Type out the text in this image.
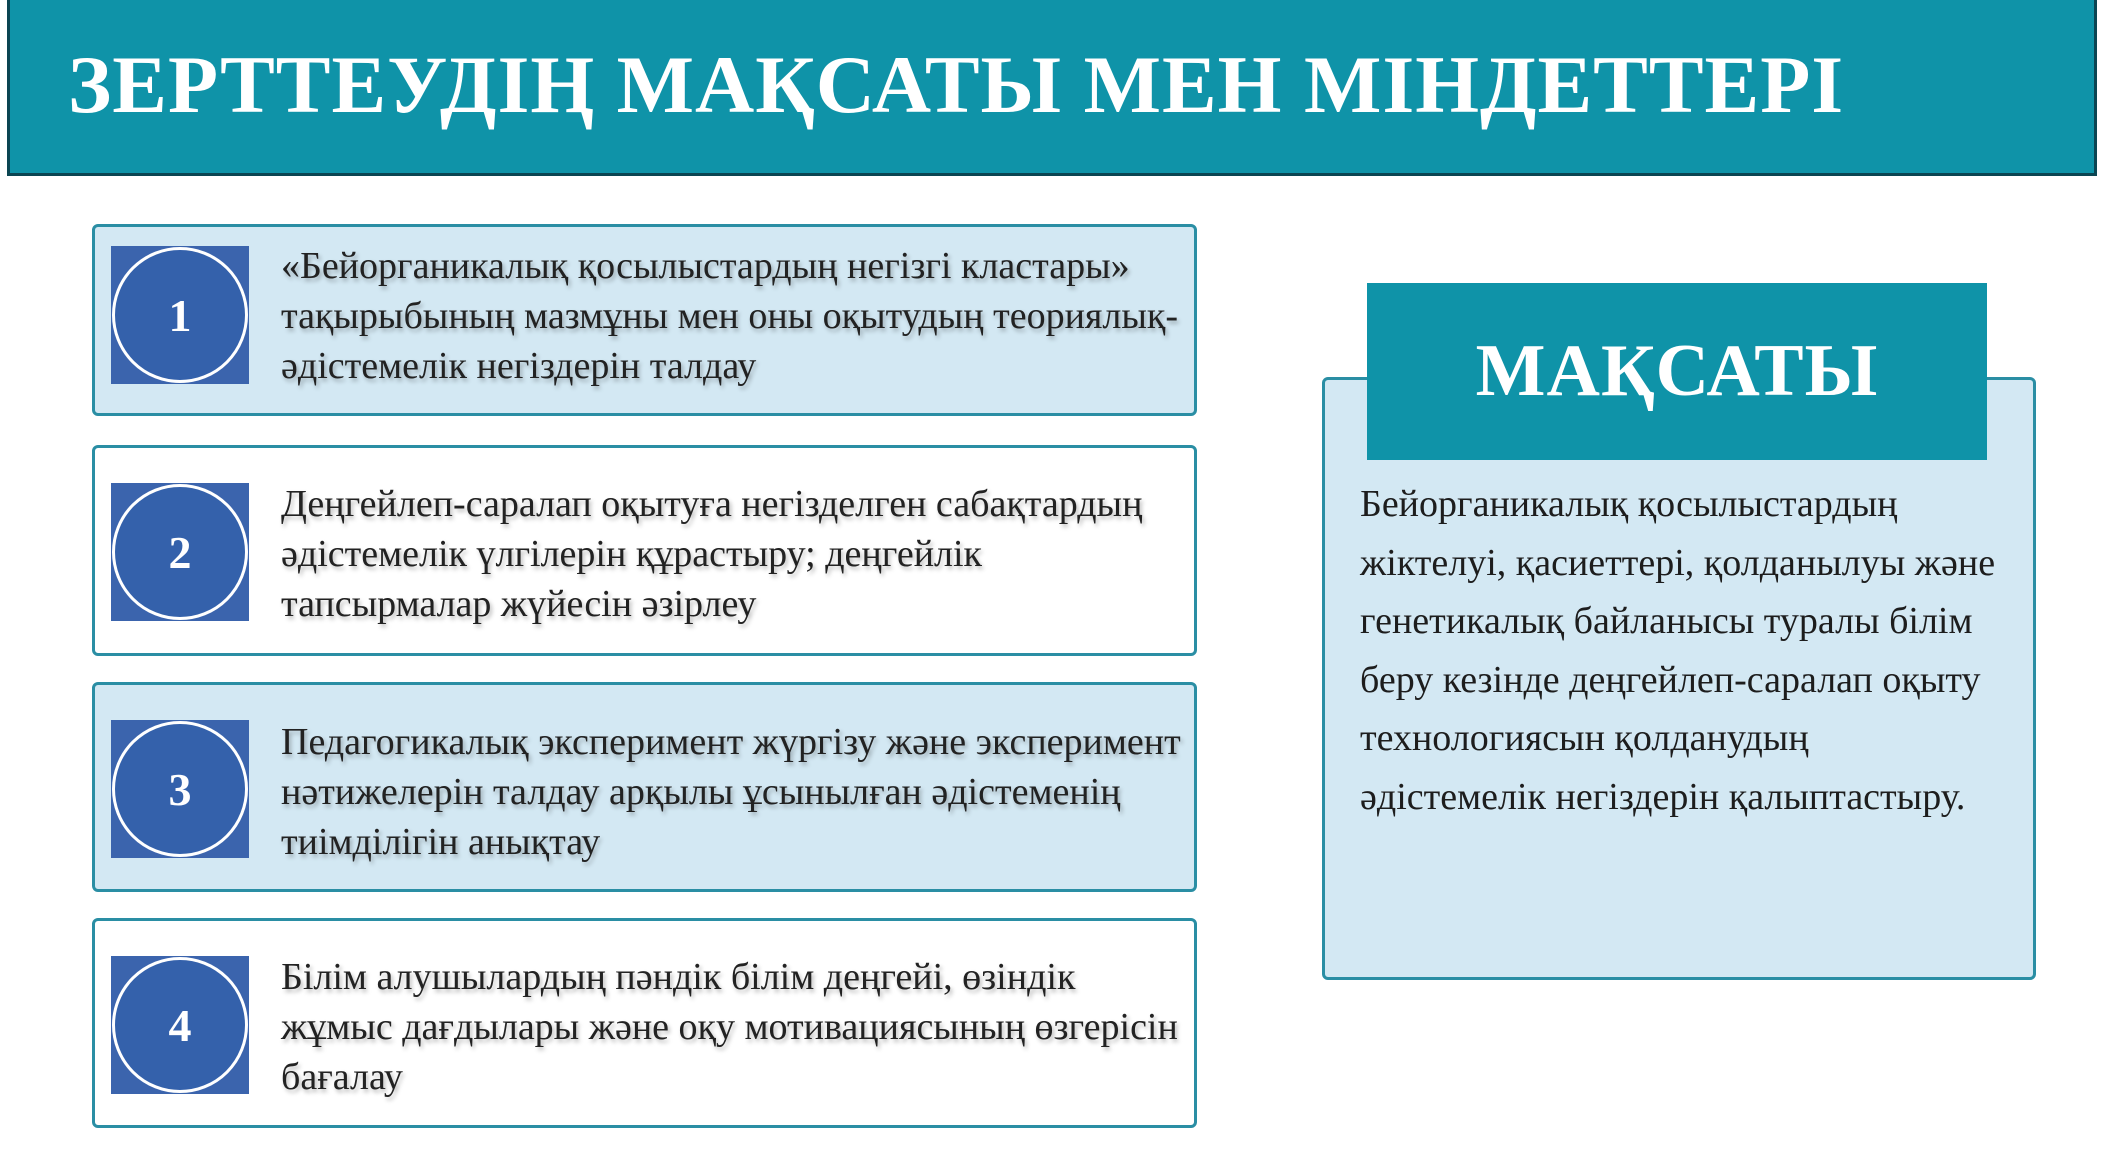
ЗЕРТТЕУДІҢ МАҚСАТЫ МЕН МІНДЕТТЕРІ
1
«Бейорганикалық қосылыстардың негізгі кластары» тақырыбының мазмұны мен оны оқытудың теориялық-әдістемелік негіздерін талдау
2
Деңгейлеп-саралап оқытуға негізделген сабақтардың әдістемелік үлгілерін құрастыру; деңгейлік тапсырмалар жүйесін әзірлеу
3
Педагогикалық эксперимент жүргізу және эксперимент нәтижелерін талдау арқылы ұсынылған әдістеменің тиімділігін анықтау
4
Білім алушылардың пәндік білім деңгейі, өзіндік жұмыс дағдылары және оқу мотивациясының өзгерісін бағалау
МАҚСАТЫ
Бейорганикалық қосылыстардың жіктелуі, қасиеттері, қолданылуы және генетикалық байланысы туралы білім беру кезінде деңгейлеп-саралап оқыту технологиясын қолданудың әдістемелік негіздерін қалыптастыру.
